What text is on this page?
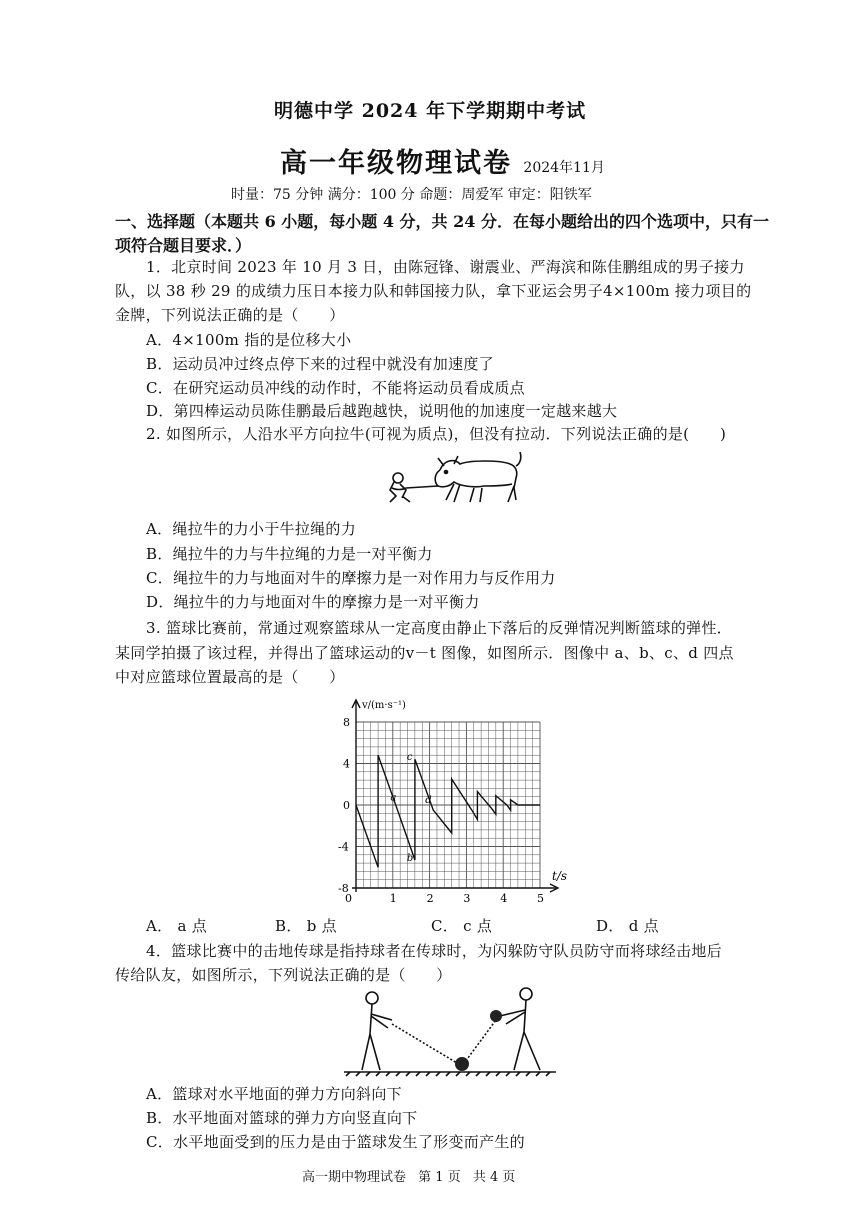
明德中学 2024 年下学期期中考试
高一年级物理试卷 2024年11月
时量：75 分钟 满分：100 分 命题：周爱军 审定：阳铁军
一、选择题（本题共 6 小题，每小题 4 分，共 24 分．在每小题给出的四个选项中，只有一
项符合题目要求．）
1．北京时间 2023 年 10 月 3 日，由陈冠锋、谢震业、严海滨和陈佳鹏组成的男子接力
队，以 38 秒 29 的成绩力压日本接力队和韩国接力队，拿下亚运会男子4×100m 接力项目的
金牌，下列说法正确的是（　　）
A．4×100m 指的是位移大小
B．运动员冲过终点停下来的过程中就没有加速度了
C．在研究运动员冲线的动作时，不能将运动员看成质点
D．第四棒运动员陈佳鹏最后越跑越快，说明他的加速度一定越来越大
2. 如图所示，人沿水平方向拉牛(可视为质点)，但没有拉动．下列说法正确的是(　　)
A．绳拉牛的力小于牛拉绳的力
B．绳拉牛的力与牛拉绳的力是一对平衡力
C．绳拉牛的力与地面对牛的摩擦力是一对作用力与反作用力
D．绳拉牛的力与地面对牛的摩擦力是一对平衡力
3. 篮球比赛前，常通过观察篮球从一定高度由静止下落后的反弹情况判断篮球的弹性．
某同学拍摄了该过程，并得出了篮球运动的v－t 图像，如图所示．图像中 a、b、c、d 四点
中对应篮球位置最高的是（　　）
v/(m·s⁻¹)
t/s
0	1	2	3	4	5
8
4
0
-4
-8
a
b
c
d
A． a 点	B． b 点	C． c 点	D． d 点
4．篮球比赛中的击地传球是指持球者在传球时，为闪躲防守队员防守而将球经击地后
传给队友，如图所示，下列说法正确的是（　　）
A．篮球对水平地面的弹力方向斜向下
B．水平地面对篮球的弹力方向竖直向下
C．水平地面受到的压力是由于篮球发生了形变而产生的
高一期中物理试卷 第 1 页 共 4 页
